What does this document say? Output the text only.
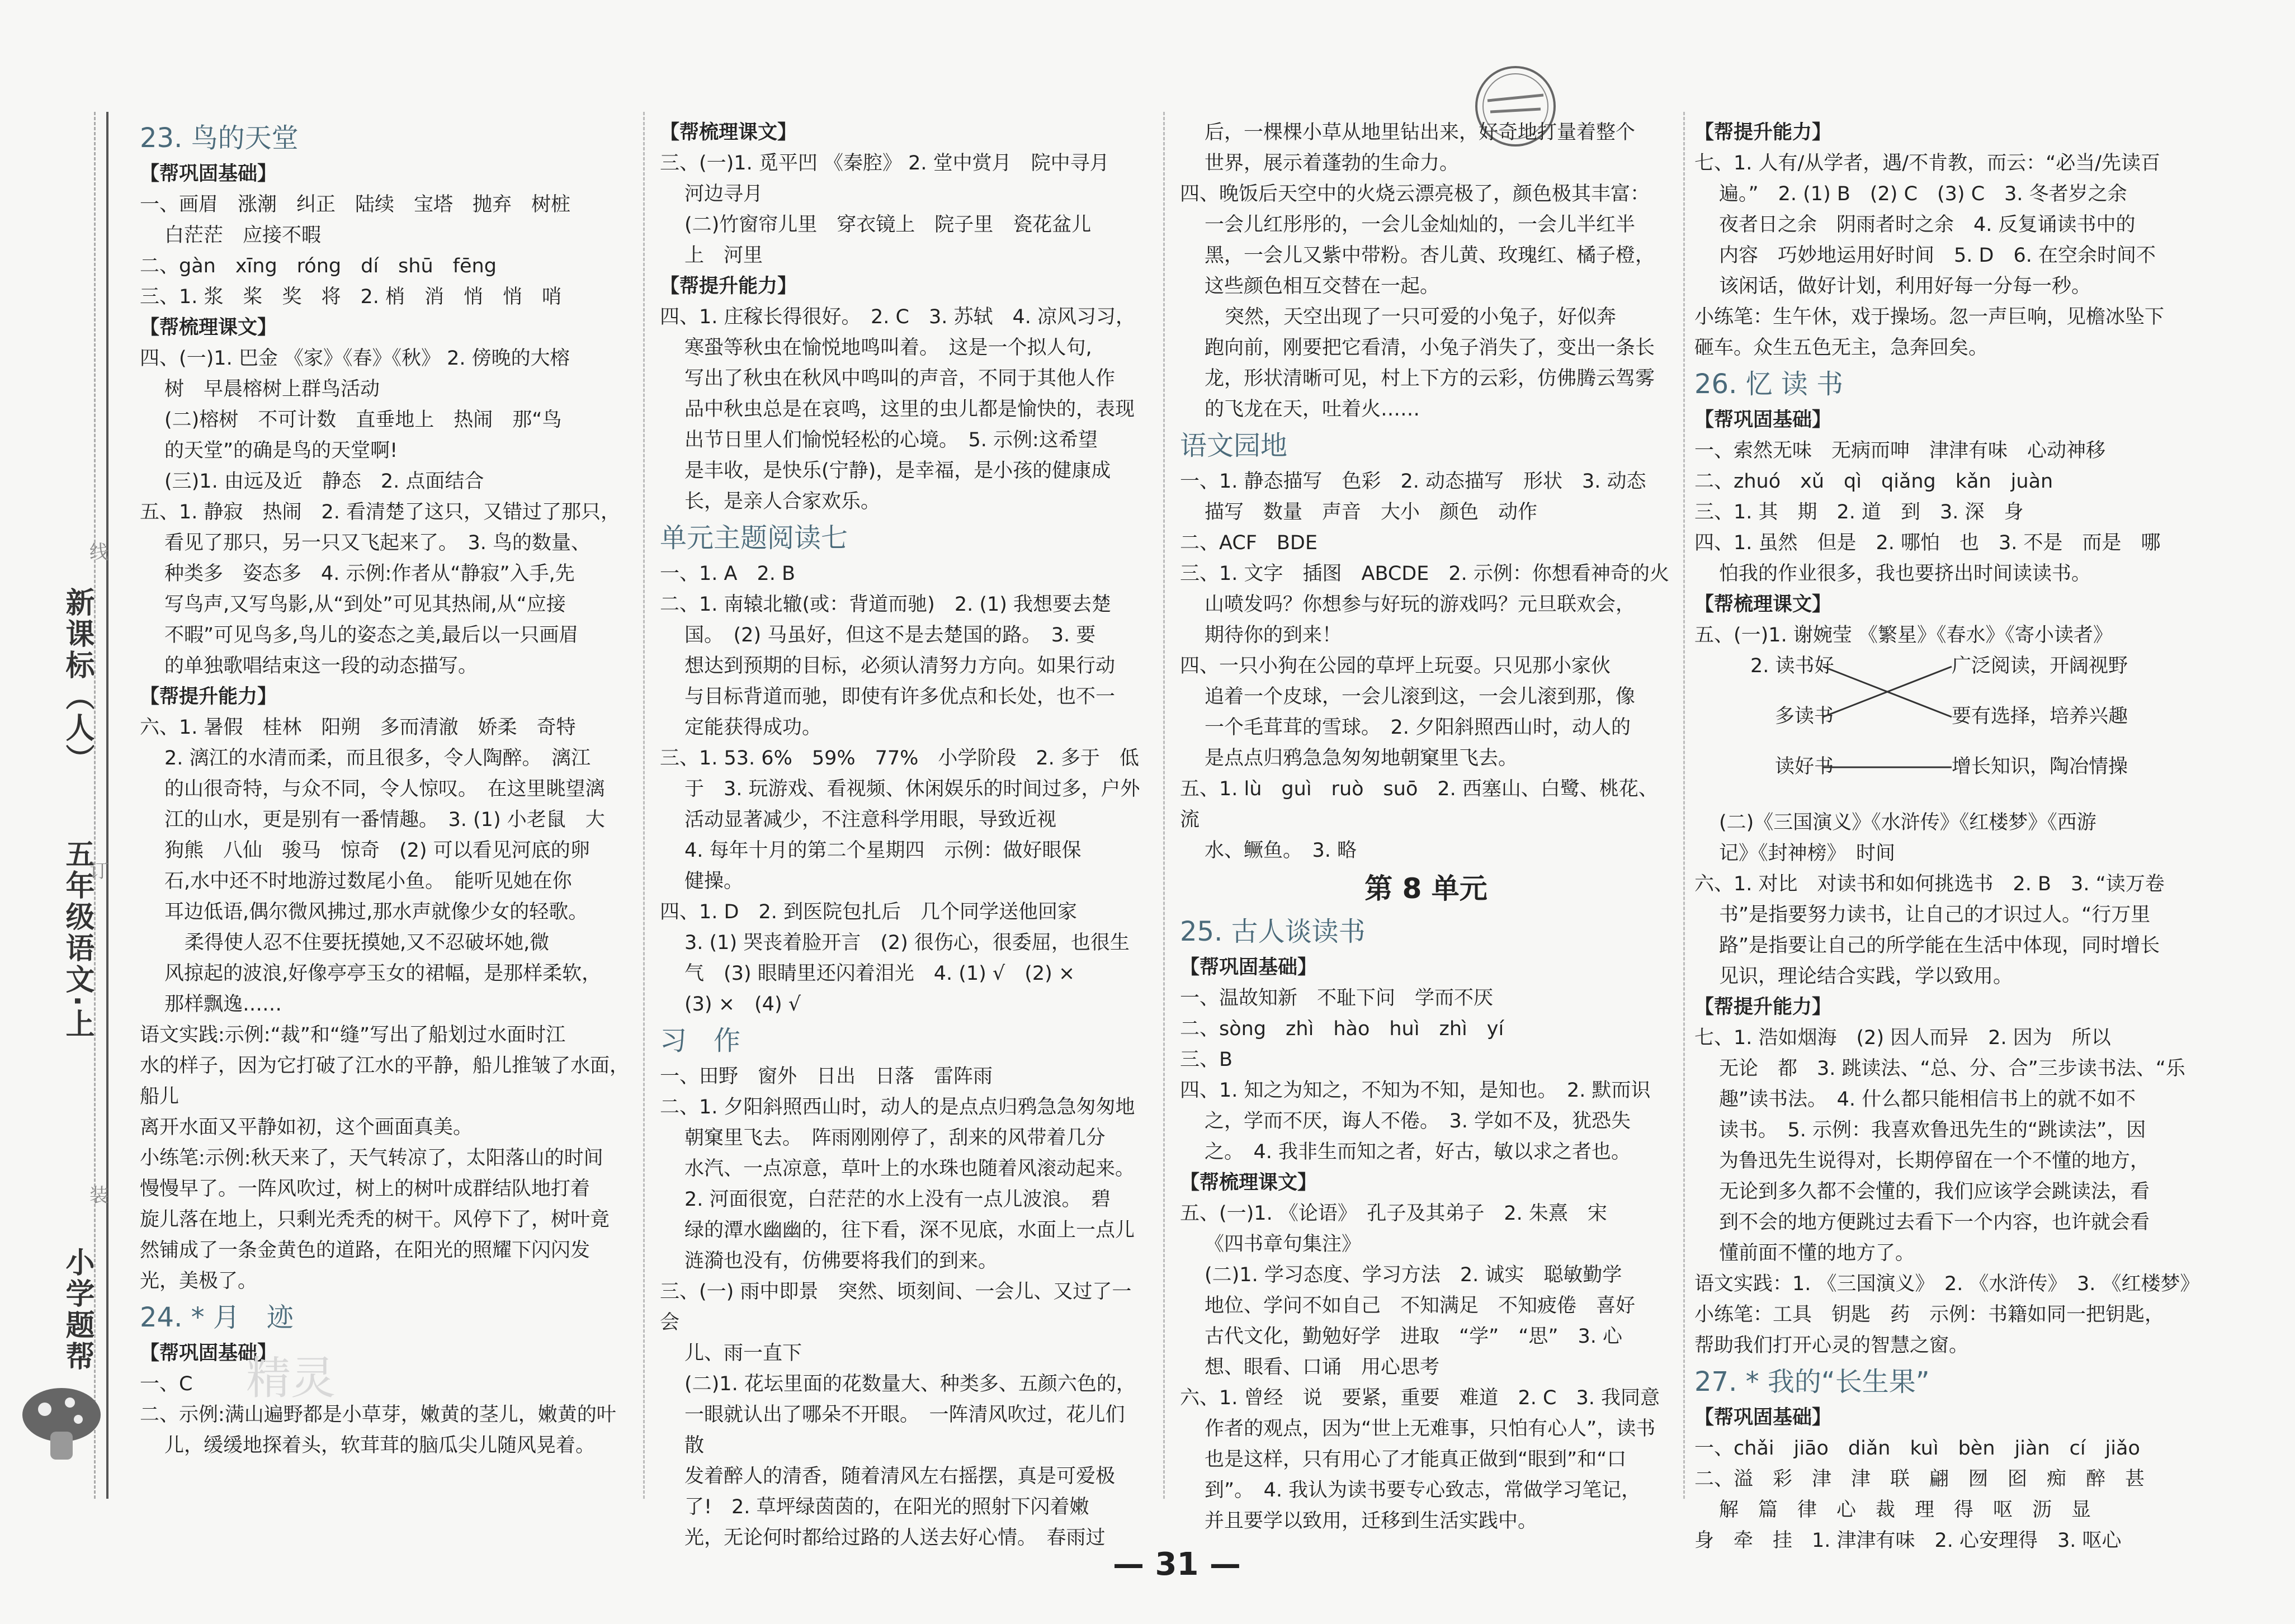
小学题帮
五年级语文·上
新课标（人）
线
订
装

23. 鸟的天堂

【帮巩固基础】

一、画眉　涨潮　纠正　陆续　宝塔　抛弃　树桩

白茫茫　应接不暇

二、gàn　xīng　róng　dí　shū　fēng

三、1. 浆　桨　奖　将　2. 梢　消　悄　悄　哨

【帮梳理课文】

四、(一)1. 巴金 《家》《春》《秋》 2. 傍晚的大榕

树　早晨榕树上群鸟活动

(二)榕树　不可计数　直垂地上　热闹　那“鸟

的天堂”的确是鸟的天堂啊!

(三)1. 由远及近　静态　2. 点面结合

五、1. 静寂　热闹　2. 看清楚了这只，又错过了那只，

看见了那只，另一只又飞起来了。　3. 鸟的数量、

种类多　姿态多　4. 示例:作者从“静寂”入手,先

写鸟声,又写鸟影,从“到处”可见其热闹,从“应接

不暇”可见鸟多,鸟儿的姿态之美,最后以一只画眉

的单独歌唱结束这一段的动态描写。

【帮提升能力】

六、1. 暑假　桂林　阳朔　多而清澈　娇柔　奇特

2. 漓江的水清而柔，而且很多，令人陶醉。　漓江

的山很奇特，与众不同，令人惊叹。　在这里眺望漓

江的山水，更是别有一番情趣。　3. (1) 小老鼠　大

狗熊　八仙　骏马　惊奇　(2) 可以看见河底的卵

石,水中还不时地游过数尾小鱼。　能听见她在你

耳边低语,偶尔微风拂过,那水声就像少女的轻歌。

柔得使人忍不住要抚摸她,又不忍破坏她,微

风掠起的波浪,好像亭亭玉女的裙幅，是那样柔软，

那样飘逸……

语文实践:示例:“裁”和“缝”写出了船划过水面时江

水的样子，因为它打破了江水的平静，船儿推皱了水面，船儿

离开水面又平静如初，这个画面真美。

小练笔:示例:秋天来了，天气转凉了，太阳落山的时间

慢慢早了。一阵风吹过，树上的树叶成群结队地打着

旋儿落在地上，只剩光秃秃的树干。风停下了，树叶竟

然铺成了一条金黄色的道路，在阳光的照耀下闪闪发

光，美极了。

24. * 月　迹

【帮巩固基础】

一、C

二、示例:满山遍野都是小草芽，嫩黄的茎儿，嫩黄的叶

儿，缓缓地探着头，软茸茸的脑瓜尖儿随风晃着。

【帮梳理课文】

三、(一)1. 觅平凹 《秦腔》 2. 堂中赏月　院中寻月

河边寻月

(二)竹窗帘儿里　穿衣镜上　院子里　瓷花盆儿

上　河里

【帮提升能力】

四、1. 庄稼长得很好。　2. C　3. 苏轼　4. 凉风习习，

寒蛩等秋虫在愉悦地鸣叫着。　这是一个拟人句,

写出了秋虫在秋风中鸣叫的声音，不同于其他人作

品中秋虫总是在哀鸣，这里的虫儿都是愉快的，表现

出节日里人们愉悦轻松的心境。　5. 示例:这希望

是丰收，是快乐(宁静)，是幸福，是小孩的健康成

长，是亲人合家欢乐。

单元主题阅读七

一、1. A　2. B

二、1. 南辕北辙(或：背道而驰)　2. (1) 我想要去楚

国。　(2) 马虽好，但这不是去楚国的路。　3. 要

想达到预期的目标，必须认清努力方向。如果行动

与目标背道而驰，即使有许多优点和长处，也不一

定能获得成功。

三、1. 53. 6%　59%　77%　小学阶段　2. 多于　低

于　3. 玩游戏、看视频、休闲娱乐的时间过多，户外

活动显著减少，不注意科学用眼，导致近视

4. 每年十月的第二个星期四　示例：做好眼保

健操。

四、1. D　2. 到医院包扎后　几个同学送他回家

3. (1) 哭丧着脸开言　(2) 很伤心，很委屈，也很生

气　(3) 眼睛里还闪着泪光　4. (1) √　(2) ×

(3) ×　(4) √

习　作

一、田野　窗外　日出　日落　雷阵雨

二、1. 夕阳斜照西山时，动人的是点点归鸦急急匆匆地

朝窠里飞去。　阵雨刚刚停了，刮来的风带着几分

水汽、一点凉意，草叶上的水珠也随着风滚动起来。

2. 河面很宽，白茫茫的水上没有一点儿波浪。　碧

绿的潭水幽幽的，往下看，深不见底，水面上一点儿

涟漪也没有，仿佛要将我们的到来。

三、(一) 雨中即景　突然、顷刻间、一会儿、又过了一会

儿、雨一直下

(二)1. 花坛里面的花数量大、种类多、五颜六色的，

一眼就认出了哪朵不开眼。　一阵清风吹过，花儿们散

发着醉人的清香，随着清风左右摇摆，真是可爱极

了!　2. 草坪绿茵茵的，在阳光的照射下闪着嫩

光，无论何时都给过路的人送去好心情。　春雨过

后，一棵棵小草从地里钻出来，好奇地打量着整个

世界，展示着蓬勃的生命力。

四、晚饭后天空中的火烧云漂亮极了，颜色极其丰富：

一会儿红彤彤的，一会儿金灿灿的，一会儿半红半

黑，一会儿又紫中带粉。杏儿黄、玫瑰红、橘子橙，

这些颜色相互交替在一起。

突然，天空出现了一只可爱的小兔子，好似奔

跑向前，刚要把它看清，小兔子消失了，变出一条长

龙，形状清晰可见，村上下方的云彩，仿佛腾云驾雾

的飞龙在天，吐着火……

语文园地

一、1. 静态描写　色彩　2. 动态描写　形状　3. 动态

描写　数量　声音　大小　颜色　动作

二、ACF　BDE

三、1. 文字　插图　ABCDE　2. 示例：你想看神奇的火

山喷发吗？你想参与好玩的游戏吗？元旦联欢会，

期待你的到来！

四、一只小狗在公园的草坪上玩耍。只见那小家伙

追着一个皮球，一会儿滚到这，一会儿滚到那，像

一个毛茸茸的雪球。　2. 夕阳斜照西山时，动人的

是点点归鸦急急匆匆地朝窠里飞去。

五、1. lù　guì　ruò　suō　2. 西塞山、白鹭、桃花、流

水、鳜鱼。　3. 略

第 8 单元

25. 古人谈读书

【帮巩固基础】

一、温故知新　不耻下问　学而不厌

二、sòng　zhì　hào　huì　zhì　yí

三、B

四、1. 知之为知之，不知为不知，是知也。　2. 默而识

之，学而不厌，诲人不倦。　3. 学如不及，犹恐失

之。　4. 我非生而知之者，好古，敏以求之者也。

【帮梳理课文】

五、(一)1. 《论语》　孔子及其弟子　2. 朱熹　宋

《四书章句集注》

(二)1. 学习态度、学习方法　2. 诚实　聪敏勤学

地位、学问不如自己　不知满足　不知疲倦　喜好

古代文化，勤勉好学　进取　“学”　“思”　3. 心

想、眼看、口诵　用心思考

六、1. 曾经　说　要紧，重要　难道　2. C　3. 我同意

作者的观点，因为“世上无难事，只怕有心人”，读书

也是这样，只有用心了才能真正做到“眼到”和“口

到”。　4. 我认为读书要专心致志，常做学习笔记，

并且要学以致用，迁移到生活实践中。

【帮提升能力】

七、1. 人有/从学者，遇/不肯教，而云：“必当/先读百

遍。”　2. (1) B　(2) C　(3) C　3. 冬者岁之余

夜者日之余　阴雨者时之余　4. 反复诵读书中的

内容　巧妙地运用好时间　5. D　6. 在空余时间不

该闲话，做好计划，利用好每一分每一秒。

小练笔：生午休，戏于操场。忽一声巨响，见檐冰坠下

砸车。众生五色无主，急奔回矣。

26. 忆 读 书

【帮巩固基础】

一、索然无味　无病而呻　津津有味　心动神移

二、zhuó　xǔ　qì　qiǎng　kǎn　juàn

三、1. 其　期　2. 道　到　3. 深　身

四、1. 虽然　但是　2. 哪怕　也　3. 不是　而是　哪

怕我的作业很多，我也要挤出时间读读书。

【帮梳理课文】

五、(一)1. 谢婉莹 《繁星》《春水》《寄小读者》

2. 读书好
多读书
读好书
广泛阅读，开阔视野
要有选择，培养兴趣
增长知识，陶冶情操

(二)《三国演义》《水浒传》《红楼梦》《西游

记》《封神榜》　时间

六、1. 对比　对读书和如何挑选书　2. B　3. “读万卷

书”是指要努力读书，让自己的才识过人。“行万里

路”是指要让自己的所学能在生活中体现，同时增长

见识，理论结合实践，学以致用。

【帮提升能力】

七、1. 浩如烟海　(2) 因人而异　2. 因为　所以

无论　都　3. 跳读法、“总、分、合”三步读书法、“乐

趣”读书法。　4. 什么都只能相信书上的就不如不

读书。　5. 示例：我喜欢鲁迅先生的“跳读法”，因

为鲁迅先生说得对，长期停留在一个不懂的地方，

无论到多久都不会懂的，我们应该学会跳读法，看

到不会的地方便跳过去看下一个内容，也许就会看

懂前面不懂的地方了。

语文实践：1. 《三国演义》　2. 《水浒传》　3. 《红楼梦》

小练笔：工具　钥匙　药　示例：书籍如同一把钥匙，

帮助我们打开心灵的智慧之窗。

27. * 我的“长生果”

【帮巩固基础】

一、chǎi　jiāo　diǎn　kuì　bèn　jiàn　cí　jiǎo

二、溢　彩　津　津　联　翩　囫　囵　痴　醉　甚

解　篇　律　心　裁　理　得　呕　沥　显

身　牵　挂　1. 津津有味　2. 心安理得　3. 呕心

精灵
— 31 —
